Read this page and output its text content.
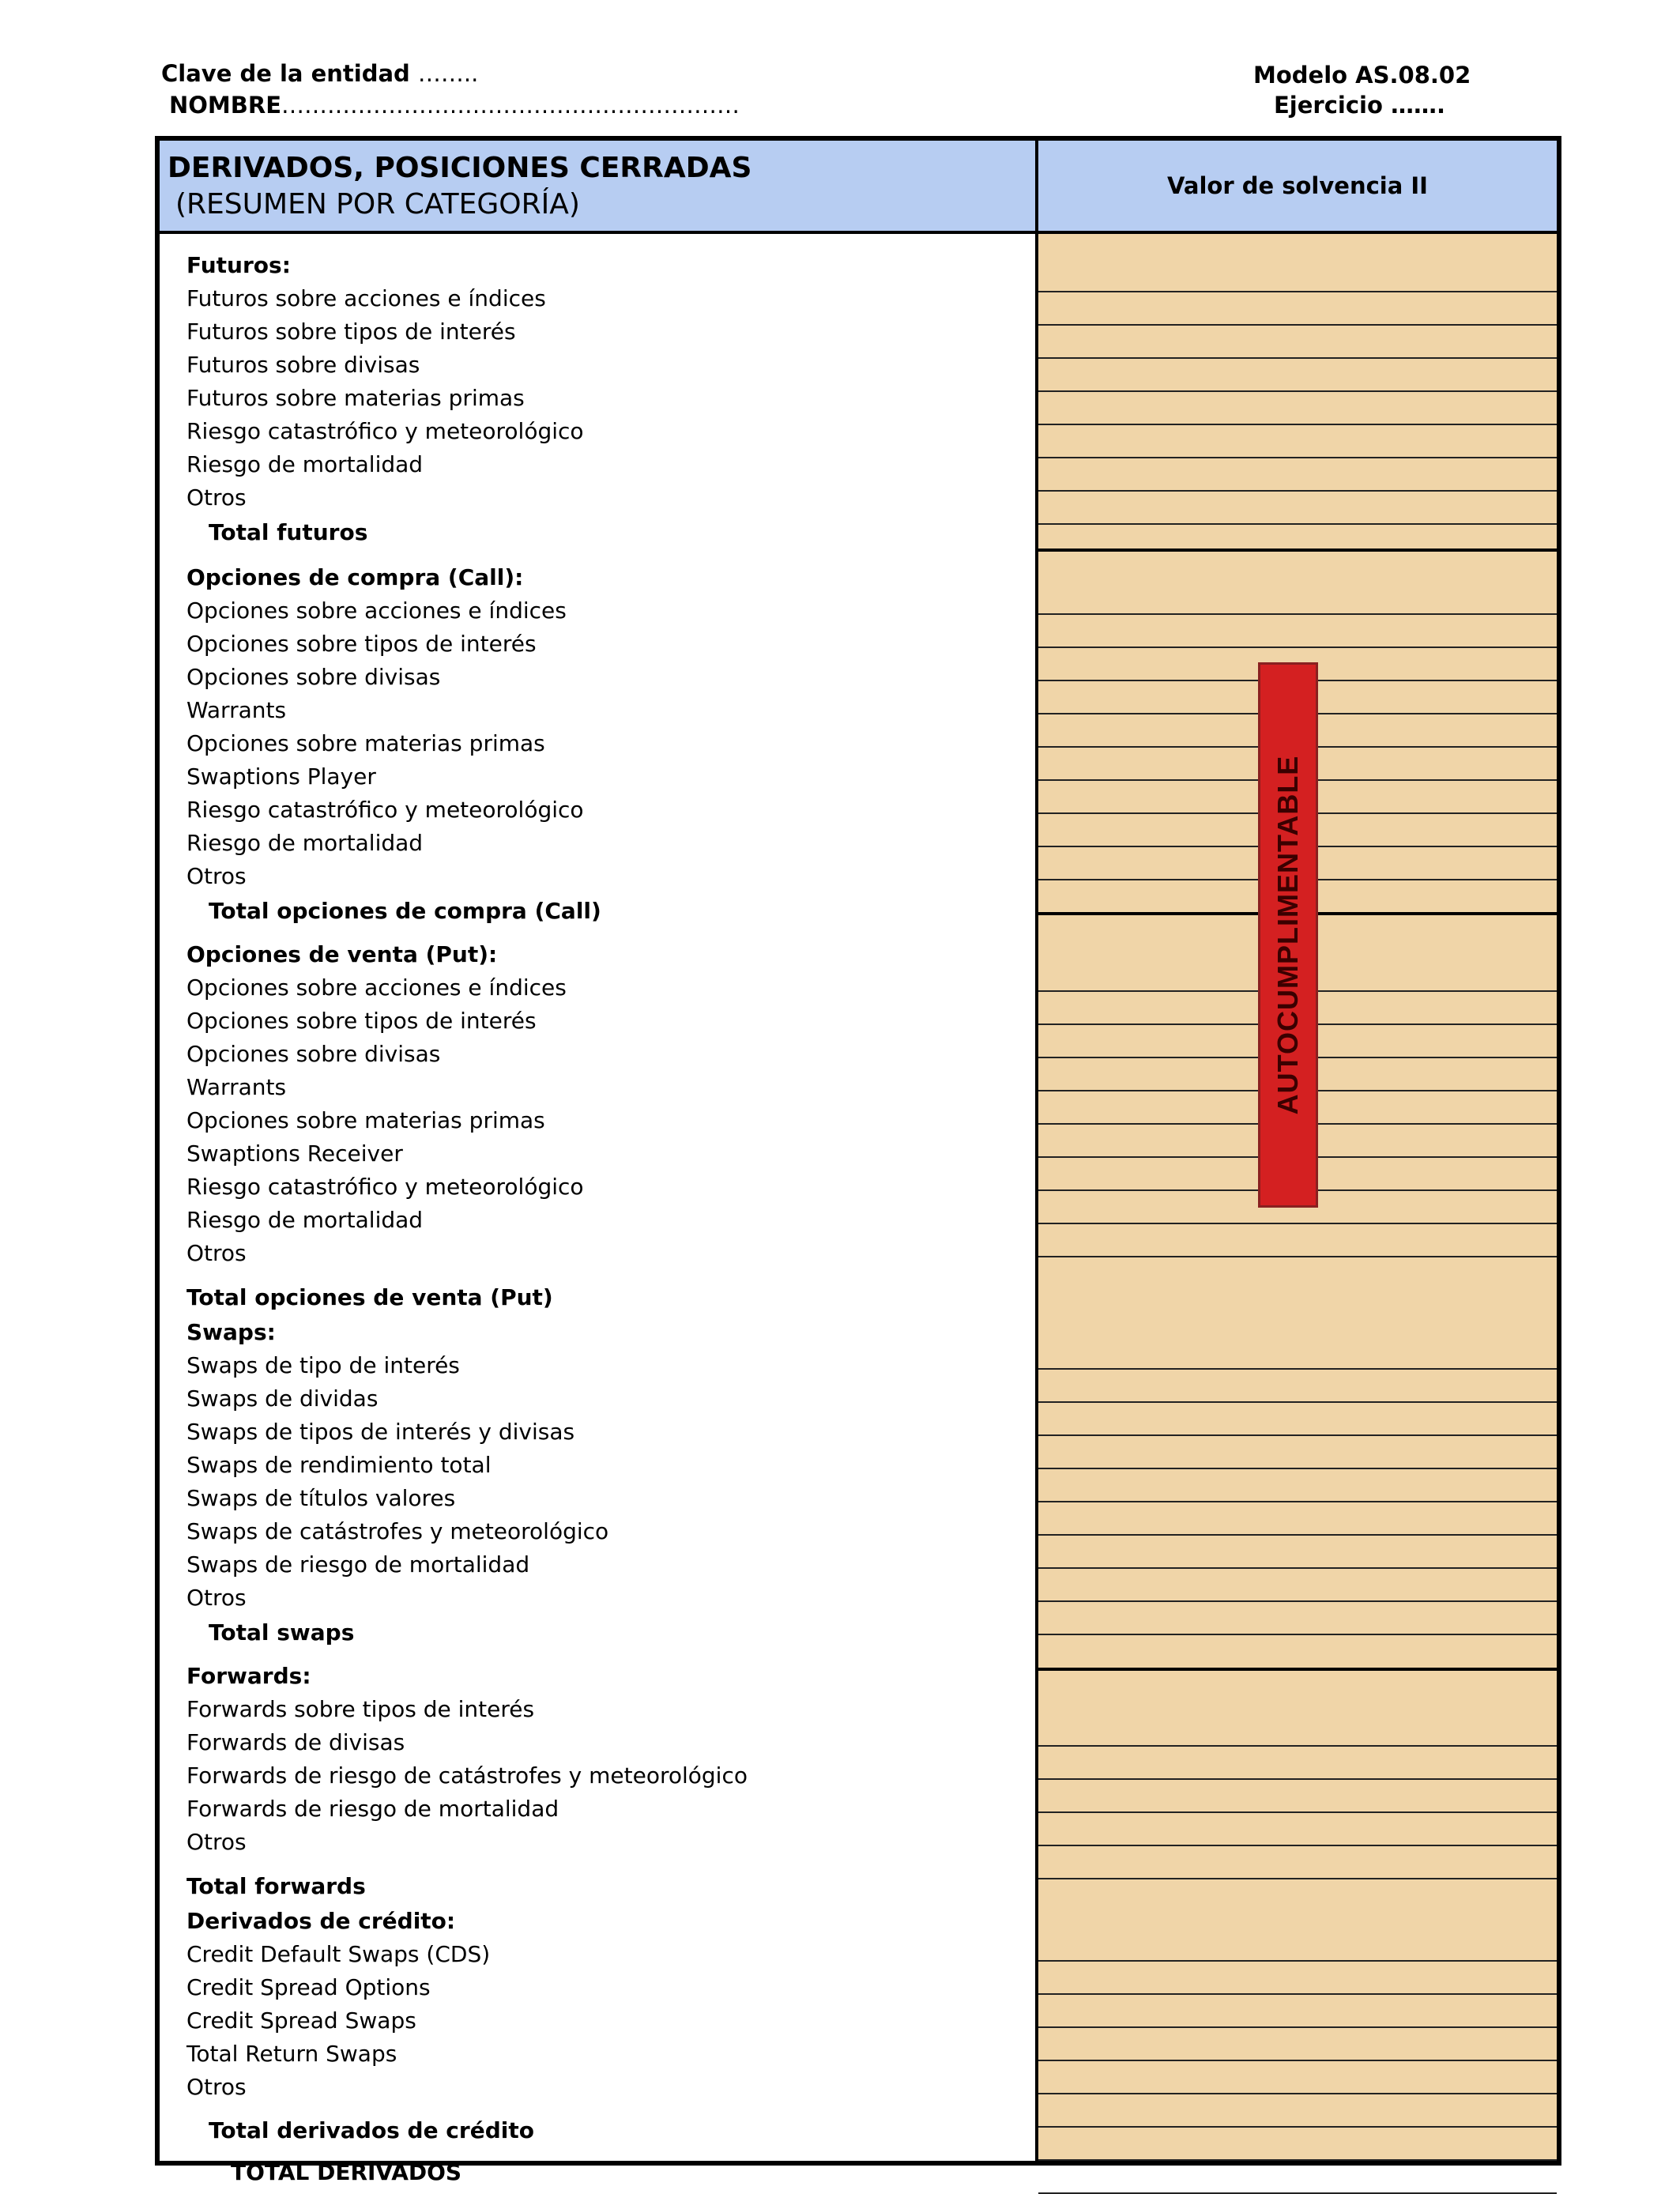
Clave de la entidad ……..
NOMBRE……………………………………………………
Modelo AS.08.02
Ejercicio …….
DERIVADOS, POSICIONES CERRADAS
(RESUMEN POR CATEGORÍA)
Valor de solvencia II
Futuros:
Futuros sobre acciones e índices
Futuros sobre tipos de interés
Futuros sobre divisas
Futuros sobre materias primas
Riesgo catastrófico y meteorológico
Riesgo de mortalidad
Otros
Total futuros
Opciones de compra (Call):
Opciones sobre acciones e índices
Opciones sobre tipos de interés
Opciones sobre divisas
Warrants
Opciones sobre materias primas
Swaptions Player
Riesgo catastrófico y meteorológico
Riesgo de mortalidad
Otros
Total opciones de compra (Call)
Opciones de venta (Put):
Opciones sobre acciones e índices
Opciones sobre tipos de interés
Opciones sobre divisas
Warrants
Opciones sobre materias primas
Swaptions Receiver
Riesgo catastrófico y meteorológico
Riesgo de mortalidad
Otros
Total opciones de venta (Put)
Swaps:
Swaps de tipo de interés
Swaps de dividas
Swaps de tipos de interés y divisas
Swaps de rendimiento total
Swaps de títulos valores
Swaps de catástrofes y meteorológico
Swaps de riesgo de mortalidad
Otros
Total swaps
Forwards:
Forwards sobre tipos de interés
Forwards de divisas
Forwards de riesgo de catástrofes y meteorológico
Forwards de riesgo de mortalidad
Otros
Total forwards
Derivados de crédito:
Credit Default Swaps (CDS)
Credit Spread Options
Credit Spread Swaps
Total Return Swaps
Otros
Total derivados de crédito
TOTAL DERIVADOS
AUTOCUMPLIMENTABLE
